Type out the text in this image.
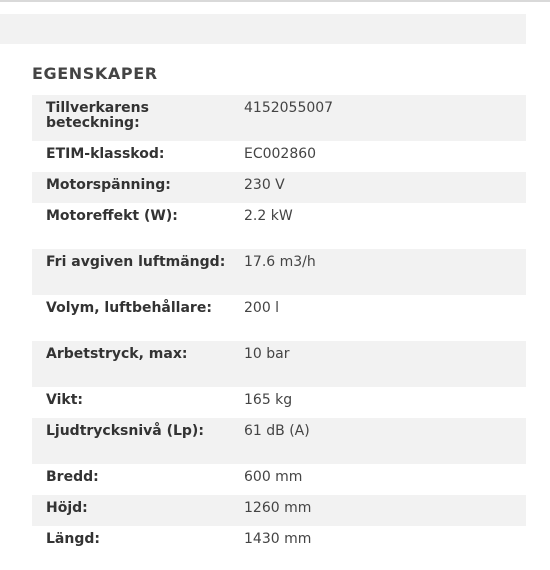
EGENSKAPER
Tillverkarens beteckning:	4152055007
ETIM-klasskod:	EC002860
Motorspänning:	230 V
Motoreffekt (W):	2.2 kW
Fri avgiven luftmängd:	17.6 m3/h
Volym, luftbehållare:	200 l
Arbetstryck, max:	10 bar
Vikt:	165 kg
Ljudtrycksnivå (Lp):	61 dB (A)
Bredd:	600 mm
Höjd:	1260 mm
Längd:	1430 mm
